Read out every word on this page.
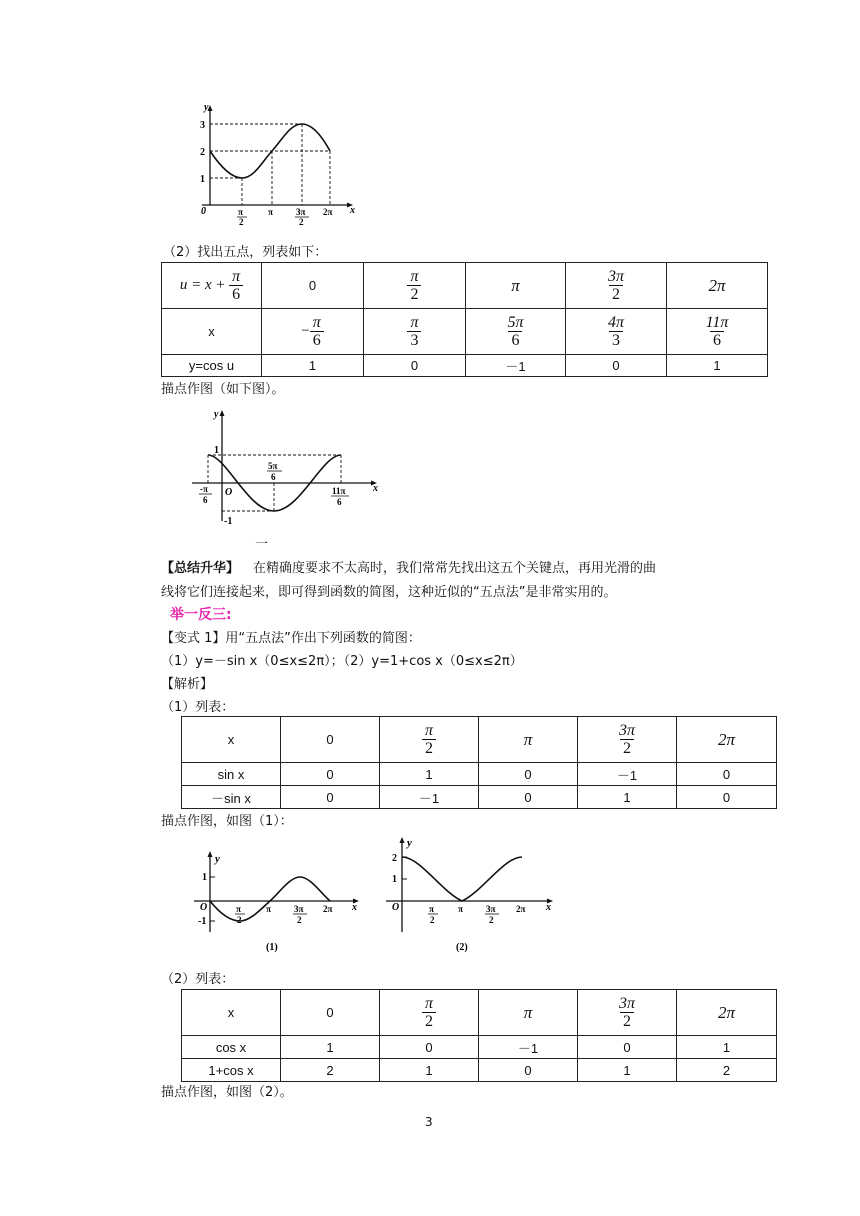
y
x
3
2
1
0	π
2
π	3π
2
2π
（2）找出五点，列表如下：
$u = x + \frac{\pi}{6}$	0	$\frac{\pi}{2}$	π	$\frac{3\pi}{2}$	2π
x	− $\frac{\pi}{6}$	$\frac{\pi}{3}$	$\frac{5\pi}{6}$	$\frac{4\pi}{3}$	$\frac{11\pi}{6}$

y=cos u	1	0	－1	0	1
描点作图（如下图）。
y
x
1
-1
O
-π
6
5π
6
11π
6
一
【总结升华】 在精确度要求不太高时，我们常常先找出这五个关键点，再用光滑的曲
线将它们连接起来，即可得到函数的简图，这种近似的“五点法”是非常实用的。
举一反三:
【变式 1】用“五点法”作出下列函数的简图：
（1）y=－sin x（0≤x≤2π）；（2）y=1+cos x（0≤x≤2π）
【解析】
（1）列表：
x	0	$\frac{\pi}{2}$	π	$\frac{3\pi}{2}$	2π
sin x	0	1	0	－1	0
－sin x	0	－1	0	1	0
描点作图，如图（1）：
y
x
1
-1
O	π
2
π	3π
2
2π
(1)
y
x
2
1
O	π
2
π	3π
2
2π
(2)
（2）列表：
x	0	$\frac{\pi}{2}$	π	$\frac{3\pi}{2}$	2π
cos x	1	0	－1	0	1
1+cos x	2	1	0	1	2
描点作图，如图（2）。
3
